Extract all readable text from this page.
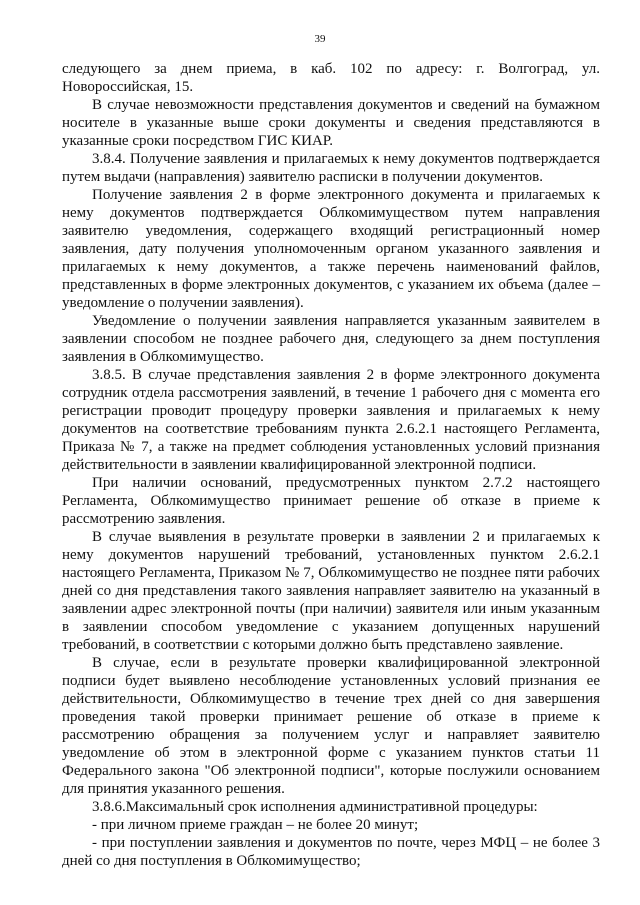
39

следующего за днем приема, в каб. 102 по адресу: г. Волгоград, ул. Новороссийская, 15.

В случае невозможности представления документов и сведений на бумажном носителе в указанные выше сроки документы и сведения представляются в указанные сроки посредством ГИС КИАР.

3.8.4. Получение заявления и прилагаемых к нему документов подтверждается путем выдачи (направления) заявителю расписки в получении документов.

Получение заявления 2 в форме электронного документа и прилагаемых к нему документов подтверждается Облкомимуществом путем направления заявителю уведомления, содержащего входящий регистрационный номер заявления, дату получения уполномоченным органом указанного заявления и прилагаемых к нему документов, а также перечень наименований файлов, представленных в форме электронных документов, с указанием их объема (далее – уведомление о получении заявления).

Уведомление о получении заявления направляется указанным заявителем в заявлении способом не позднее рабочего дня, следующего за днем поступления заявления в Облкомимущество.

3.8.5. В случае представления заявления 2 в форме электронного документа сотрудник отдела рассмотрения заявлений, в течение 1 рабочего дня с момента его регистрации проводит процедуру проверки заявления и прилагаемых к нему документов на соответствие требованиям пункта 2.6.2.1 настоящего Регламента, Приказа № 7, а также на предмет соблюдения установленных условий признания действительности в заявлении квалифицированной электронной подписи.

При наличии оснований, предусмотренных пунктом 2.7.2 настоящего Регламента, Облкомимущество принимает решение об отказе в приеме к рассмотрению заявления.

В случае выявления в результате проверки в заявлении 2 и прилагаемых к нему документов нарушений требований, установленных пунктом 2.6.2.1 настоящего Регламента, Приказом № 7, Облкомимущество не позднее пяти рабочих дней со дня представления такого заявления направляет заявителю на указанный в заявлении адрес электронной почты (при наличии) заявителя или иным указанным в заявлении способом уведомление с указанием допущенных нарушений требований, в соответствии с которыми должно быть представлено заявление.

В случае, если в результате проверки квалифицированной электронной подписи будет выявлено несоблюдение установленных условий признания ее действительности, Облкомимущество в течение трех дней со дня завершения проведения такой проверки принимает решение об отказе в приеме к рассмотрению обращения за получением услуг и направляет заявителю уведомление об этом в электронной форме с указанием пунктов статьи 11 Федерального закона "Об электронной подписи", которые послужили основанием для принятия указанного решения.

3.8.6.Максимальный срок исполнения административной процедуры:

- при личном приеме граждан – не более 20 минут;

- при поступлении заявления и документов по почте, через МФЦ – не более 3 дней со дня поступления в Облкомимущество;
